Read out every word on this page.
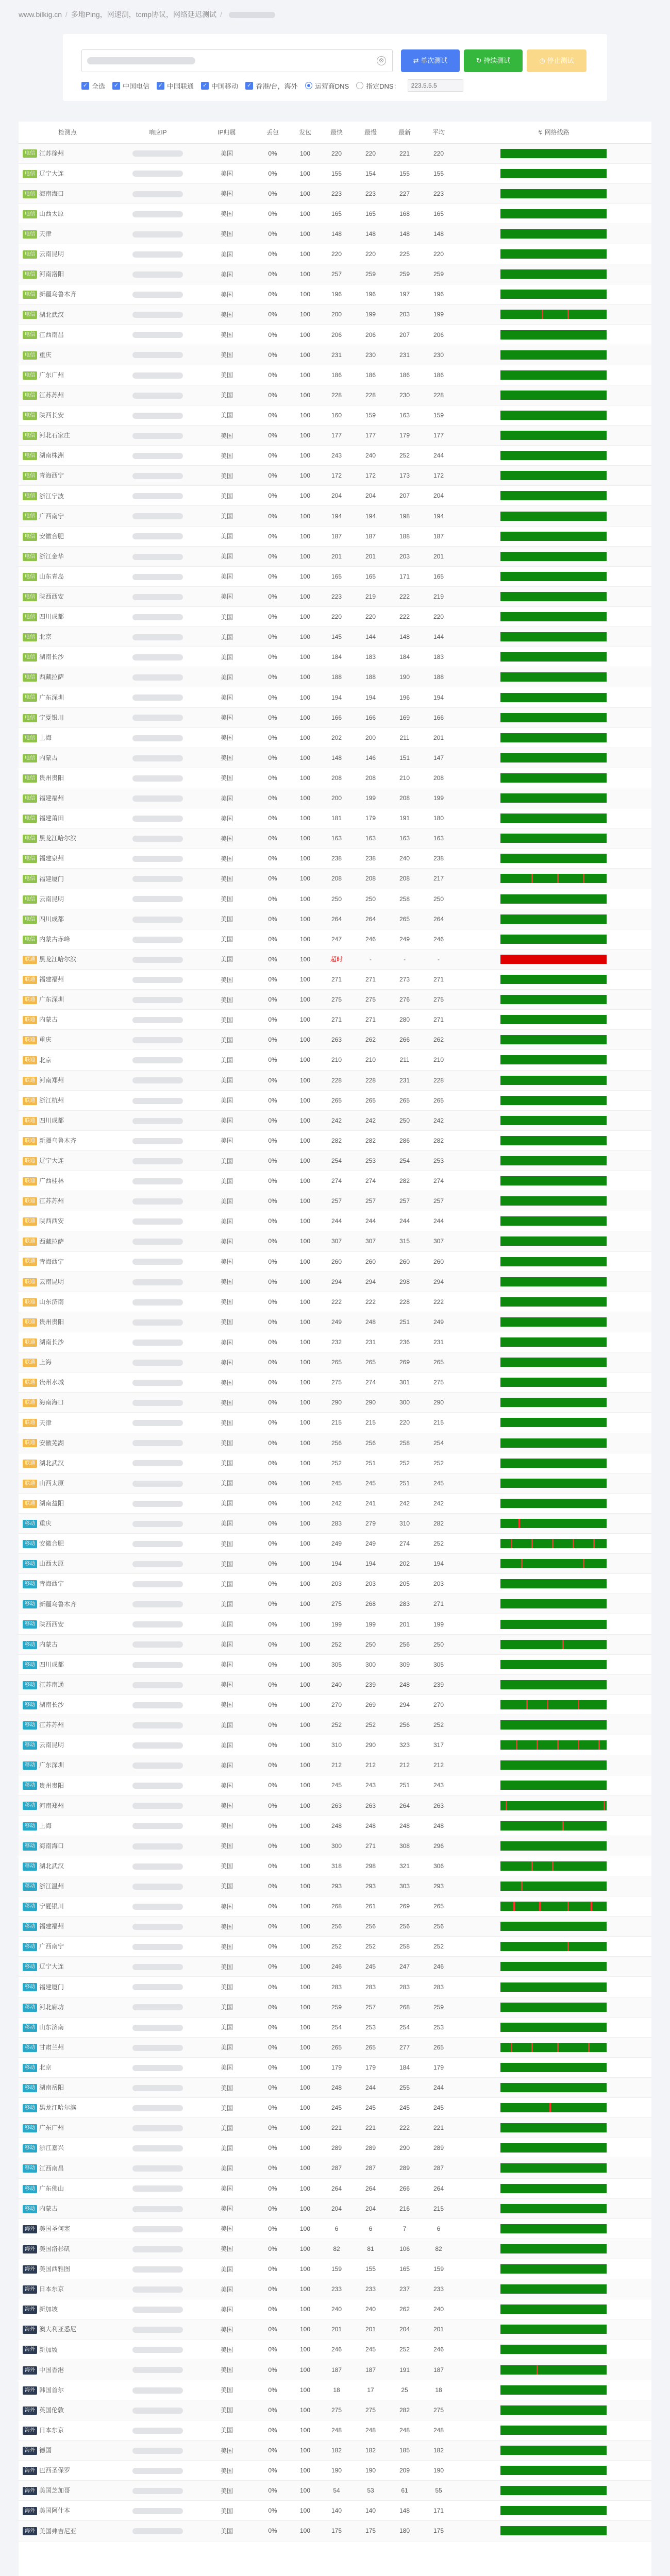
www.bilkig.cn / 多地Ping，网速测，tcmp协议，网络延迟测试 /
⊗	⇄ 单次测试	↻ 持续测试	◷ 停止测试
✓ 全选 ✓ 中国电信 ✓ 中国联通 ✓ 中国移动 ✓ 香港/台，海外	运营商DNS	指定DNS：	223.5.5.5
检测点	响应IP	IP归属	丢包	发包	最快	最慢	最新	平均	↯ 网络线路
电信 江苏徐州		美国	0%	100	220	220	221	220	

电信 辽宁大连		美国	0%	100	155	154	155	155	

电信 海南海口		美国	0%	100	223	223	227	223	

电信 山西太原		美国	0%	100	165	165	168	165	

电信 天津		美国	0%	100	148	148	148	148	

电信 云南昆明		美国	0%	100	220	220	225	220	

电信 河南洛阳		美国	0%	100	257	259	259	259	

电信 新疆乌鲁木齐		美国	0%	100	196	196	197	196	

电信 湖北武汉		美国	0%	100	200	199	203	199	

电信 江西南昌		美国	0%	100	206	206	207	206	

电信 重庆		美国	0%	100	231	230	231	230	

电信 广东广州		美国	0%	100	186	186	186	186	

电信 江苏苏州		美国	0%	100	228	228	230	228	

电信 陕西长安		美国	0%	100	160	159	163	159	

电信 河北石家庄		美国	0%	100	177	177	179	177	

电信 湖南株洲		美国	0%	100	243	240	252	244	

电信 青海西宁		美国	0%	100	172	172	173	172	

电信 浙江宁波		美国	0%	100	204	204	207	204	

电信 广西南宁		美国	0%	100	194	194	198	194	

电信 安徽合肥		美国	0%	100	187	187	188	187	

电信 浙江金华		美国	0%	100	201	201	203	201	

电信 山东青岛		美国	0%	100	165	165	171	165	

电信 陕西西安		美国	0%	100	223	219	222	219	

电信 四川成都		美国	0%	100	220	220	222	220	

电信 北京		美国	0%	100	145	144	148	144	

电信 湖南长沙		美国	0%	100	184	183	184	183	

电信 西藏拉萨		美国	0%	100	188	188	190	188	

电信 广东深圳		美国	0%	100	194	194	196	194	

电信 宁夏银川		美国	0%	100	166	166	169	166	

电信 上海		美国	0%	100	202	200	211	201	

电信 内蒙古		美国	0%	100	148	146	151	147	

电信 贵州贵阳		美国	0%	100	208	208	210	208	

电信 福建福州		美国	0%	100	200	199	208	199	

电信 福建莆田		美国	0%	100	181	179	191	180	

电信 黑龙江哈尔滨		美国	0%	100	163	163	163	163	

电信 福建泉州		美国	0%	100	238	238	240	238	

电信 福建厦门		美国	0%	100	208	208	208	217	

电信 云南昆明		美国	0%	100	250	250	258	250	

电信 四川成都		美国	0%	100	264	264	265	264	

电信 内蒙古赤峰		美国	0%	100	247	246	249	246	

联通 黑龙江哈尔滨		美国	0%	100	超时	-	-	-	

联通 福建福州		美国	0%	100	271	271	273	271	

联通 广东深圳		美国	0%	100	275	275	276	275	

联通 内蒙古		美国	0%	100	271	271	280	271	

联通 重庆		美国	0%	100	263	262	266	262	

联通 北京		美国	0%	100	210	210	211	210	

联通 河南郑州		美国	0%	100	228	228	231	228	

联通 浙江杭州		美国	0%	100	265	265	265	265	

联通 四川成都		美国	0%	100	242	242	250	242	

联通 新疆乌鲁木齐		美国	0%	100	282	282	286	282	

联通 辽宁大连		美国	0%	100	254	253	254	253	

联通 广西桂林		美国	0%	100	274	274	282	274	

联通 江苏苏州		美国	0%	100	257	257	257	257	

联通 陕西西安		美国	0%	100	244	244	244	244	

联通 西藏拉萨		美国	0%	100	307	307	315	307	

联通 青海西宁		美国	0%	100	260	260	260	260	

联通 云南昆明		美国	0%	100	294	294	298	294	

联通 山东济南		美国	0%	100	222	222	228	222	

联通 贵州贵阳		美国	0%	100	249	248	251	249	

联通 湖南长沙		美国	0%	100	232	231	236	231	

联通 上海		美国	0%	100	265	265	269	265	

联通 贵州水城		美国	0%	100	275	274	301	275	

联通 海南海口		美国	0%	100	290	290	300	290	

联通 天津		美国	0%	100	215	215	220	215	

联通 安徽芜湖		美国	0%	100	256	256	258	254	

联通 湖北武汉		美国	0%	100	252	251	252	252	

联通 山西太原		美国	0%	100	245	245	251	245	

联通 湖南益阳		美国	0%	100	242	241	242	242	

移动 重庆		美国	0%	100	283	279	310	282	

移动 安徽合肥		美国	0%	100	249	249	274	252	

移动 山西太原		美国	0%	100	194	194	202	194	

移动 青海西宁		美国	0%	100	203	203	205	203	

移动 新疆乌鲁木齐		美国	0%	100	275	268	283	271	

移动 陕西西安		美国	0%	100	199	199	201	199	

移动 内蒙古		美国	0%	100	252	250	256	250	

移动 四川成都		美国	0%	100	305	300	309	305	

移动 江苏南通		美国	0%	100	240	239	248	239	

移动 湖南长沙		美国	0%	100	270	269	294	270	

移动 江苏苏州		美国	0%	100	252	252	256	252	

移动 云南昆明		美国	0%	100	310	290	323	317	

移动 广东深圳		美国	0%	100	212	212	212	212	

移动 贵州贵阳		美国	0%	100	245	243	251	243	

移动 河南郑州		美国	0%	100	263	263	264	263	

移动 上海		美国	0%	100	248	248	248	248	

移动 海南海口		美国	0%	100	300	271	308	296	

移动 湖北武汉		美国	0%	100	318	298	321	306	

移动 浙江温州		美国	0%	100	293	293	303	293	

移动 宁夏银川		美国	0%	100	268	261	269	265	

移动 福建福州		美国	0%	100	256	256	256	256	

移动 广西南宁		美国	0%	100	252	252	258	252	

移动 辽宁大连		美国	0%	100	246	245	247	246	

移动 福建厦门		美国	0%	100	283	283	283	283	

移动 河北廊坊		美国	0%	100	259	257	268	259	

移动 山东济南		美国	0%	100	254	253	254	253	

移动 甘肃兰州		美国	0%	100	265	265	277	265	

移动 北京		美国	0%	100	179	179	184	179	

移动 湖南岳阳		美国	0%	100	248	244	255	244	

移动 黑龙江哈尔滨		美国	0%	100	245	245	245	245	

移动 广东广州		美国	0%	100	221	221	222	221	

移动 浙江嘉兴		美国	0%	100	289	289	290	289	

移动 江西南昌		美国	0%	100	287	287	289	287	

移动 广东佛山		美国	0%	100	264	264	266	264	

移动 内蒙古		美国	0%	100	204	204	216	215	

海外 美国圣何塞		美国	0%	100	6	6	7	6	

海外 美国洛杉矶		美国	0%	100	82	81	106	82	

海外 美国西雅图		美国	0%	100	159	155	165	159	

海外 日本东京		美国	0%	100	233	233	237	233	

海外 新加坡		美国	0%	100	240	240	262	240	

海外 澳大利亚悉尼		美国	0%	100	201	201	204	201	

海外 新加坡		美国	0%	100	246	245	252	246	

海外 中国香港		美国	0%	100	187	187	191	187	

海外 韩国首尔		美国	0%	100	18	17	25	18	

海外 英国伦敦		美国	0%	100	275	275	282	275	

海外 日本东京		美国	0%	100	248	248	248	248	

海外 德国		美国	0%	100	182	182	185	182	

海外 巴西圣保罗		美国	0%	100	190	190	209	190	

海外 美国芝加哥		美国	0%	100	54	53	61	55	

海外 美国阿什本		美国	0%	100	140	140	148	171	

海外 美国弗吉尼亚		美国	0%	100	175	175	180	175	
